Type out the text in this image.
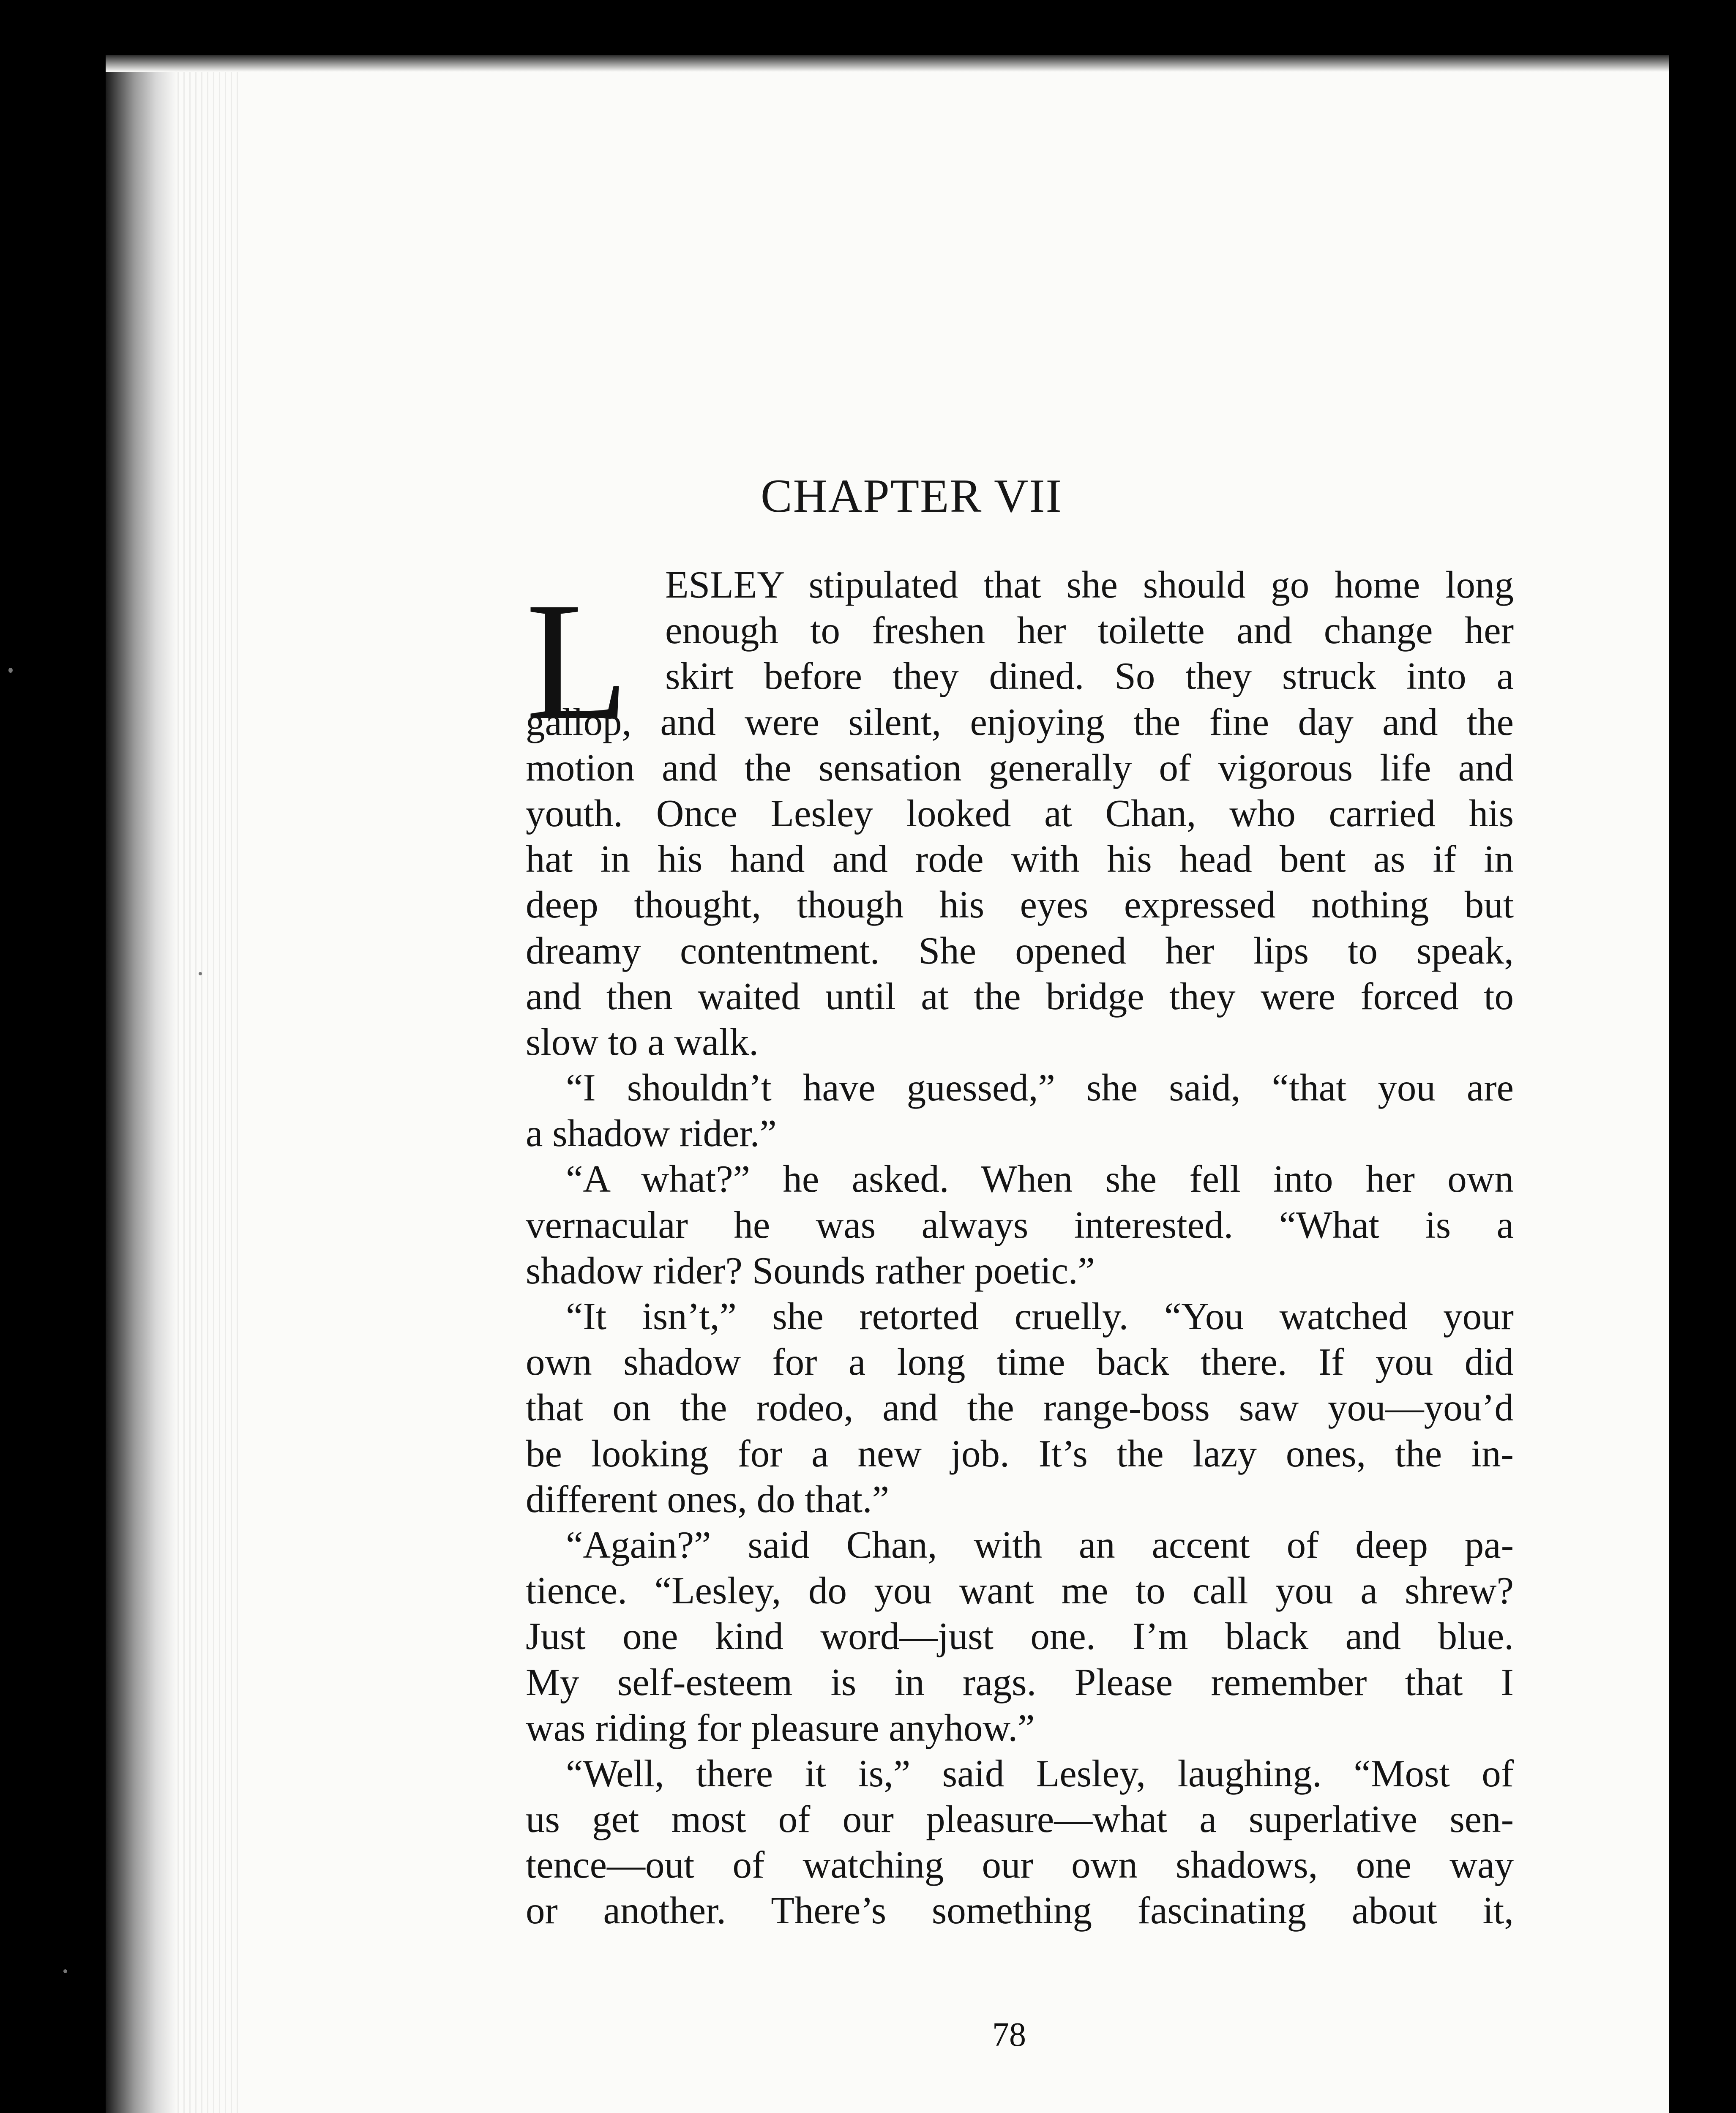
CHAPTER VII
L ESLEY stipulated that she should go home long
enough to freshen her toilette and change her
skirt before they dined. So they struck into a
gallop, and were silent, enjoying the fine day and the
motion and the sensation generally of vigorous life and
youth. Once Lesley looked at Chan, who carried his
hat in his hand and rode with his head bent as if in
deep thought, though his eyes expressed nothing but
dreamy contentment. She opened her lips to speak,
and then waited until at the bridge they were forced to
slow to a walk.
“I shouldn’t have guessed,” she said, “that you are
a shadow rider.”
“A what?” he asked. When she fell into her own
vernacular he was always interested. “What is a
shadow rider? Sounds rather poetic.”
“It isn’t,” she retorted cruelly. “You watched your
own shadow for a long time back there. If you did
that on the rodeo, and the range-boss saw you—you’d
be looking for a new job. It’s the lazy ones, the in-
different ones, do that.”
“Again?” said Chan, with an accent of deep pa-
tience. “Lesley, do you want me to call you a shrew?
Just one kind word—just one. I’m black and blue.
My self-esteem is in rags. Please remember that I
was riding for pleasure anyhow.”
“Well, there it is,” said Lesley, laughing. “Most of
us get most of our pleasure—what a superlative sen-
tence—out of watching our own shadows, one way
or another. There’s something fascinating about it,
78
